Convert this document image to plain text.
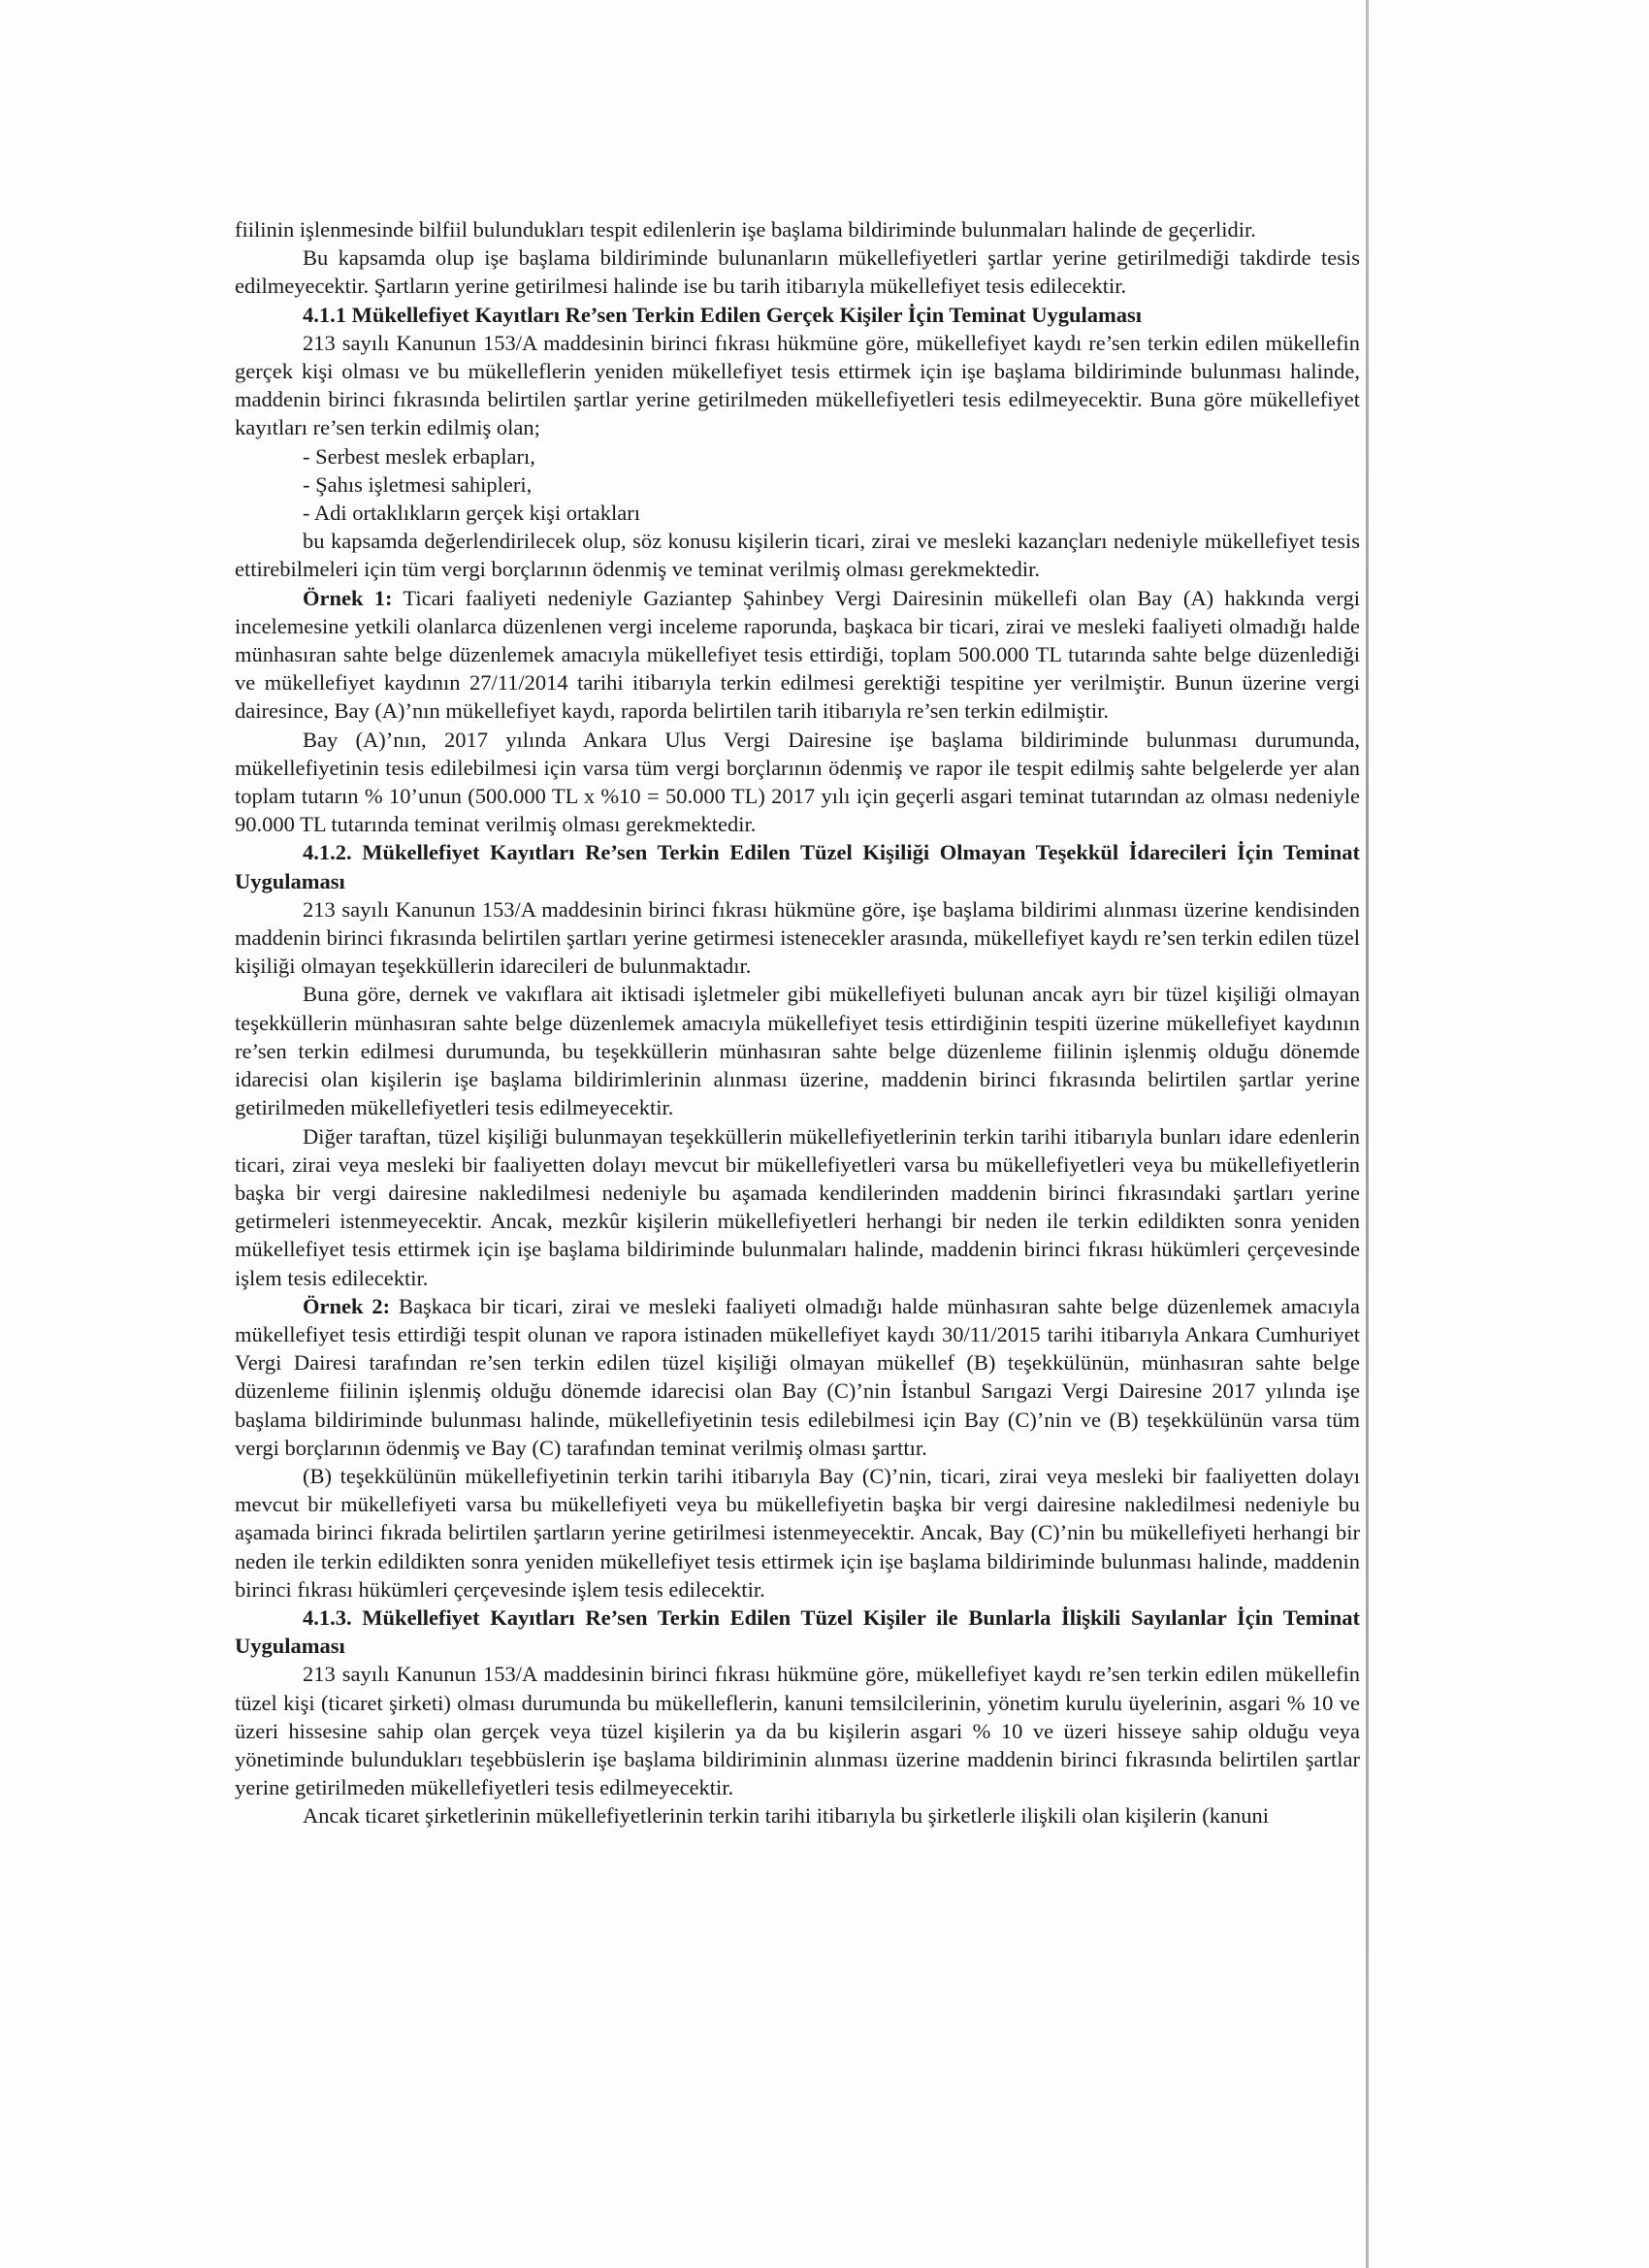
fiilinin işlenmesinde bilfiil bulundukları tespit edilenlerin işe başlama bildiriminde bulunmaları halinde de geçerlidir.

Bu kapsamda olup işe başlama bildiriminde bulunanların mükellefiyetleri şartlar yerine getirilmediği takdirde tesis edilmeyecektir. Şartların yerine getirilmesi halinde ise bu tarih itibarıyla mükellefiyet tesis edilecektir.

4.1.1 Mükellefiyet Kayıtları Re’sen Terkin Edilen Gerçek Kişiler İçin Teminat Uygulaması

213 sayılı Kanunun 153/A maddesinin birinci fıkrası hükmüne göre, mükellefiyet kaydı re’sen terkin edilen mükellefin gerçek kişi olması ve bu mükelleflerin yeniden mükellefiyet tesis ettirmek için işe başlama bildiriminde bulunması halinde, maddenin birinci fıkrasında belirtilen şartlar yerine getirilmeden mükellefiyetleri tesis edilmeyecektir. Buna göre mükellefiyet kayıtları re’sen terkin edilmiş olan;

- Serbest meslek erbapları,

- Şahıs işletmesi sahipleri,

- Adi ortaklıkların gerçek kişi ortakları

bu kapsamda değerlendirilecek olup, söz konusu kişilerin ticari, zirai ve mesleki kazançları nedeniyle mükellefiyet tesis ettirebilmeleri için tüm vergi borçlarının ödenmiş ve teminat verilmiş olması gerekmektedir.

Örnek 1: Ticari faaliyeti nedeniyle Gaziantep Şahinbey Vergi Dairesinin mükellefi olan Bay (A) hakkında vergi incelemesine yetkili olanlarca düzenlenen vergi inceleme raporunda, başkaca bir ticari, zirai ve mesleki faaliyeti olmadığı halde münhasıran sahte belge düzenlemek amacıyla mükellefiyet tesis ettirdiği, toplam 500.000 TL tutarında sahte belge düzenlediği ve mükellefiyet kaydının 27/11/2014 tarihi itibarıyla terkin edilmesi gerektiği tespitine yer verilmiştir. Bunun üzerine vergi dairesince, Bay (A)’nın mükellefiyet kaydı, raporda belirtilen tarih itibarıyla re’sen terkin edilmiştir.

Bay (A)’nın, 2017 yılında Ankara Ulus Vergi Dairesine işe başlama bildiriminde bulunması durumunda, mükellefiyetinin tesis edilebilmesi için varsa tüm vergi borçlarının ödenmiş ve rapor ile tespit edilmiş sahte belgelerde yer alan toplam tutarın % 10’unun (500.000 TL x %10 = 50.000 TL) 2017 yılı için geçerli asgari teminat tutarından az olması nedeniyle 90.000 TL tutarında teminat verilmiş olması gerekmektedir.

4.1.2. Mükellefiyet Kayıtları Re’sen Terkin Edilen Tüzel Kişiliği Olmayan Teşekkül İdarecileri İçin Teminat Uygulaması

213 sayılı Kanunun 153/A maddesinin birinci fıkrası hükmüne göre, işe başlama bildirimi alınması üzerine kendisinden maddenin birinci fıkrasında belirtilen şartları yerine getirmesi istenecekler arasında, mükellefiyet kaydı re’sen terkin edilen tüzel kişiliği olmayan teşekküllerin idarecileri de bulunmaktadır.

Buna göre, dernek ve vakıflara ait iktisadi işletmeler gibi mükellefiyeti bulunan ancak ayrı bir tüzel kişiliği olmayan teşekküllerin münhasıran sahte belge düzenlemek amacıyla mükellefiyet tesis ettirdiğinin tespiti üzerine mükellefiyet kaydının re’sen terkin edilmesi durumunda, bu teşekküllerin münhasıran sahte belge düzenleme fiilinin işlenmiş olduğu dönemde idarecisi olan kişilerin işe başlama bildirimlerinin alınması üzerine, maddenin birinci fıkrasında belirtilen şartlar yerine getirilmeden mükellefiyetleri tesis edilmeyecektir.

Diğer taraftan, tüzel kişiliği bulunmayan teşekküllerin mükellefiyetlerinin terkin tarihi itibarıyla bunları idare edenlerin ticari, zirai veya mesleki bir faaliyetten dolayı mevcut bir mükellefiyetleri varsa bu mükellefiyetleri veya bu mükellefiyetlerin başka bir vergi dairesine nakledilmesi nedeniyle bu aşamada kendilerinden maddenin birinci fıkrasındaki şartları yerine getirmeleri istenmeyecektir. Ancak, mezkûr kişilerin mükellefiyetleri herhangi bir neden ile terkin edildikten sonra yeniden mükellefiyet tesis ettirmek için işe başlama bildiriminde bulunmaları halinde, maddenin birinci fıkrası hükümleri çerçevesinde işlem tesis edilecektir.

Örnek 2: Başkaca bir ticari, zirai ve mesleki faaliyeti olmadığı halde münhasıran sahte belge düzenlemek amacıyla mükellefiyet tesis ettirdiği tespit olunan ve rapora istinaden mükellefiyet kaydı 30/11/2015 tarihi itibarıyla Ankara Cumhuriyet Vergi Dairesi tarafından re’sen terkin edilen tüzel kişiliği olmayan mükellef (B) teşekkülünün, münhasıran sahte belge düzenleme fiilinin işlenmiş olduğu dönemde idarecisi olan Bay (C)’nin İstanbul Sarıgazi Vergi Dairesine 2017 yılında işe başlama bildiriminde bulunması halinde, mükellefiyetinin tesis edilebilmesi için Bay (C)’nin ve (B) teşekkülünün varsa tüm vergi borçlarının ödenmiş ve Bay (C) tarafından teminat verilmiş olması şarttır.

(B) teşekkülünün mükellefiyetinin terkin tarihi itibarıyla Bay (C)’nin, ticari, zirai veya mesleki bir faaliyetten dolayı mevcut bir mükellefiyeti varsa bu mükellefiyeti veya bu mükellefiyetin başka bir vergi dairesine nakledilmesi nedeniyle bu aşamada birinci fıkrada belirtilen şartların yerine getirilmesi istenmeyecektir. Ancak, Bay (C)’nin bu mükellefiyeti herhangi bir neden ile terkin edildikten sonra yeniden mükellefiyet tesis ettirmek için işe başlama bildiriminde bulunması halinde, maddenin birinci fıkrası hükümleri çerçevesinde işlem tesis edilecektir.

4.1.3. Mükellefiyet Kayıtları Re’sen Terkin Edilen Tüzel Kişiler ile Bunlarla İlişkili Sayılanlar İçin Teminat Uygulaması

213 sayılı Kanunun 153/A maddesinin birinci fıkrası hükmüne göre, mükellefiyet kaydı re’sen terkin edilen mükellefin tüzel kişi (ticaret şirketi) olması durumunda bu mükelleflerin, kanuni temsilcilerinin, yönetim kurulu üyelerinin, asgari % 10 ve üzeri hissesine sahip olan gerçek veya tüzel kişilerin ya da bu kişilerin asgari % 10 ve üzeri hisseye sahip olduğu veya yönetiminde bulundukları teşebbüslerin işe başlama bildiriminin alınması üzerine maddenin birinci fıkrasında belirtilen şartlar yerine getirilmeden mükellefiyetleri tesis edilmeyecektir.

Ancak ticaret şirketlerinin mükellefiyetlerinin terkin tarihi itibarıyla bu şirketlerle ilişkili olan kişilerin (kanuni
